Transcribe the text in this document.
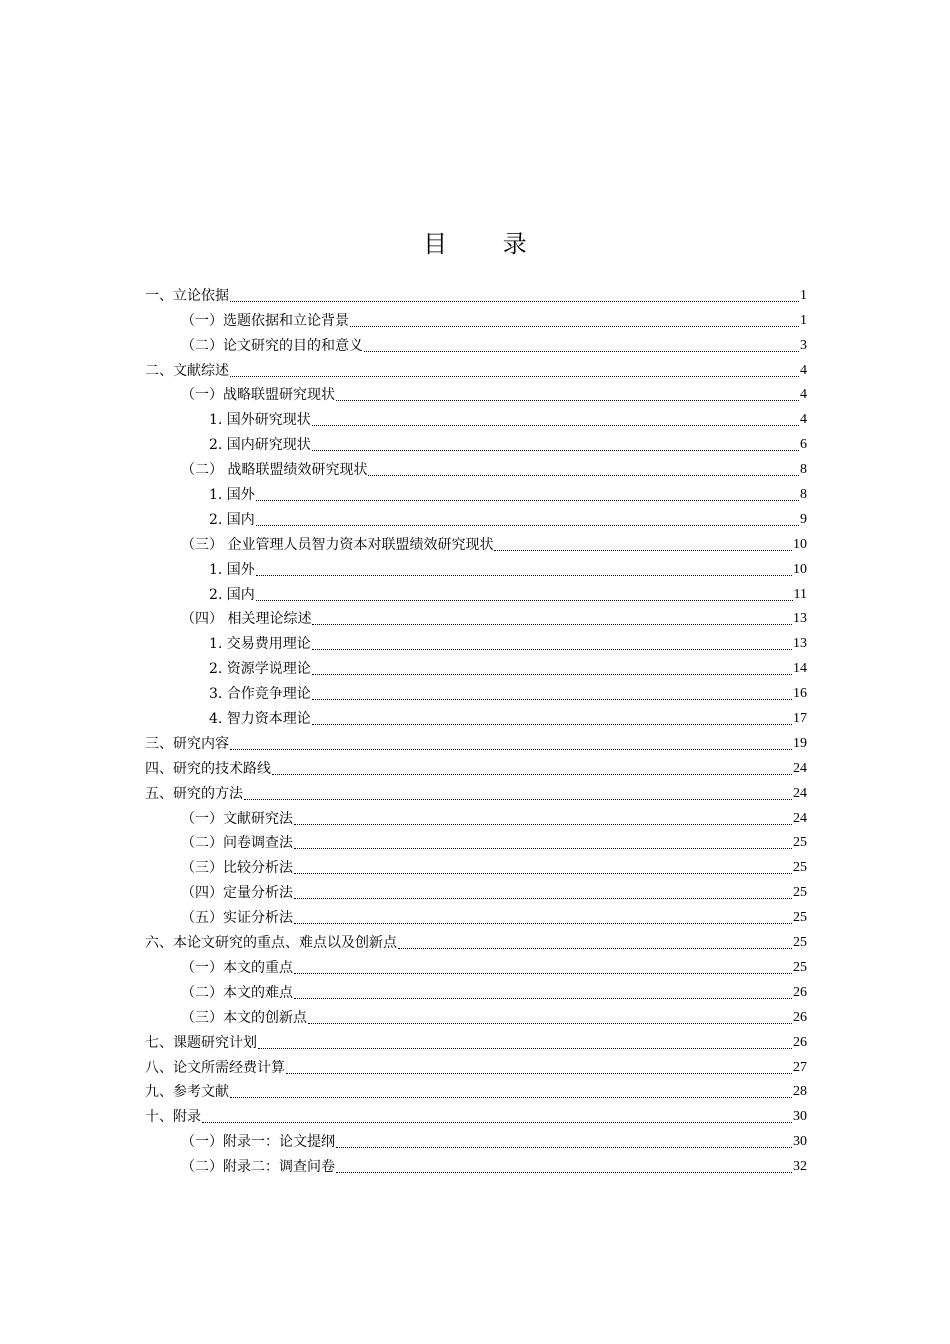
目 录
一、立论依据	1
（一）选题依据和立论背景	1
（二）论文研究的目的和意义	3
二、文献综述	4
（一）战略联盟研究现状	4
1. 国外研究现状	4
2. 国内研究现状	6
（二） 战略联盟绩效研究现状	8
1. 国外	8
2. 国内	9
（三） 企业管理人员智力资本对联盟绩效研究现状	10
1. 国外	10
2. 国内	11
（四） 相关理论综述	13
1. 交易费用理论	13
2. 资源学说理论	14
3. 合作竞争理论	16
4. 智力资本理论	17
三、研究内容	19
四、研究的技术路线	24
五、研究的方法	24
（一）文献研究法	24
（二）问卷调查法	25
（三）比较分析法	25
（四）定量分析法	25
（五）实证分析法	25
六、本论文研究的重点、难点以及创新点	25
（一）本文的重点	25
（二）本文的难点	26
（三）本文的创新点	26
七、课题研究计划	26
八、论文所需经费计算	27
九、参考文献	28
十、附录	30
（一）附录一：论文提纲	30
（二）附录二：调查问卷	32
